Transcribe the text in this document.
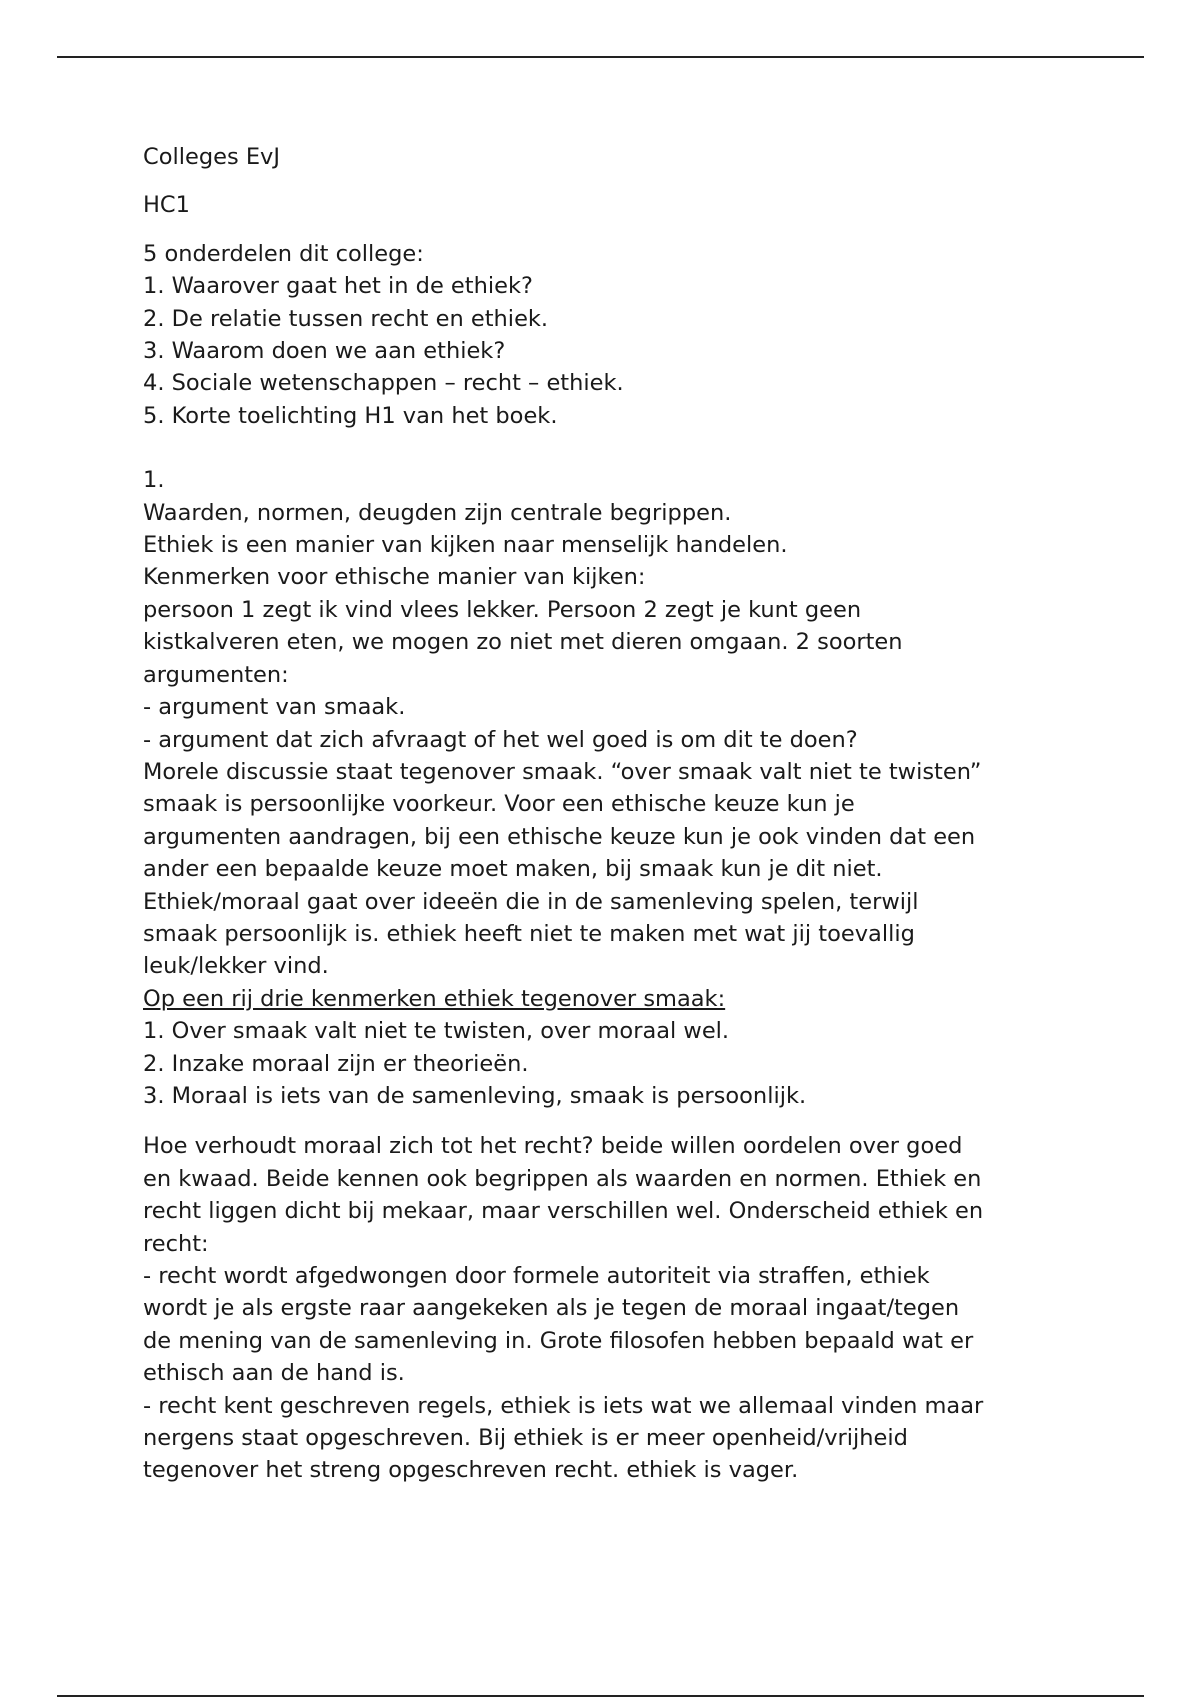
Colleges EvJ

HC1

5 onderdelen dit college:
1. Waarover gaat het in de ethiek?
2. De relatie tussen recht en ethiek.
3. Waarom doen we aan ethiek?
4. Sociale wetenschappen – recht – ethiek.
5. Korte toelichting H1 van het boek.
1.
Waarden, normen, deugden zijn centrale begrippen.
Ethiek is een manier van kijken naar menselijk handelen.
Kenmerken voor ethische manier van kijken:
persoon 1 zegt ik vind vlees lekker. Persoon 2 zegt je kunt geen
kistkalveren eten, we mogen zo niet met dieren omgaan. 2 soorten
argumenten:
- argument van smaak.
- argument dat zich afvraagt of het wel goed is om dit te doen?
Morele discussie staat tegenover smaak. “over smaak valt niet te twisten”
smaak is persoonlijke voorkeur. Voor een ethische keuze kun je
argumenten aandragen, bij een ethische keuze kun je ook vinden dat een
ander een bepaalde keuze moet maken, bij smaak kun je dit niet.
Ethiek/moraal gaat over ideeën die in de samenleving spelen, terwijl
smaak persoonlijk is. ethiek heeft niet te maken met wat jij toevallig
leuk/lekker vind.
Op een rij drie kenmerken ethiek tegenover smaak:
1. Over smaak valt niet te twisten, over moraal wel.
2. Inzake moraal zijn er theorieën.
3. Moraal is iets van de samenleving, smaak is persoonlijk.
Hoe verhoudt moraal zich tot het recht? beide willen oordelen over goed
en kwaad. Beide kennen ook begrippen als waarden en normen. Ethiek en
recht liggen dicht bij mekaar, maar verschillen wel. Onderscheid ethiek en
recht:
- recht wordt afgedwongen door formele autoriteit via straffen, ethiek
wordt je als ergste raar aangekeken als je tegen de moraal ingaat/tegen
de mening van de samenleving in. Grote filosofen hebben bepaald wat er
ethisch aan de hand is.
- recht kent geschreven regels, ethiek is iets wat we allemaal vinden maar
nergens staat opgeschreven. Bij ethiek is er meer openheid/vrijheid
tegenover het streng opgeschreven recht. ethiek is vager.
